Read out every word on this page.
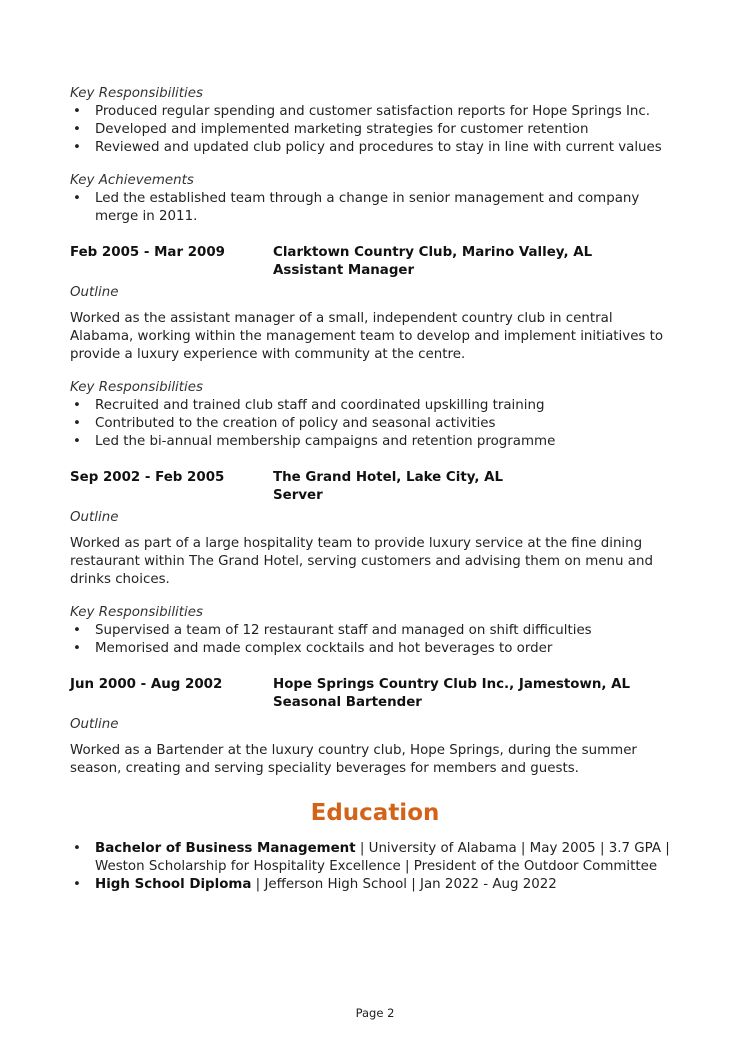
Key Responsibilities

• Produced regular spending and customer satisfaction reports for Hope Springs Inc.
• Developed and implemented marketing strategies for customer retention
• Reviewed and updated club policy and procedures to stay in line with current values

Key Achievements

• Led the established team through a change in senior management and company merge in 2011.
Feb 2005 - Mar 2009	Clarktown Country Club, Marino Valley, AL
Assistant Manager

Outline

Worked as the assistant manager of a small, independent country club in central Alabama, working within the management team to develop and implement initiatives to provide a luxury experience with community at the centre.

Key Responsibilities

• Recruited and trained club staff and coordinated upskilling training
• Contributed to the creation of policy and seasonal activities
• Led the bi-annual membership campaigns and retention programme
Sep 2002 - Feb 2005	The Grand Hotel, Lake City, AL
Server

Outline

Worked as part of a large hospitality team to provide luxury service at the fine dining restaurant within The Grand Hotel, serving customers and advising them on menu and drinks choices.

Key Responsibilities

• Supervised a team of 12 restaurant staff and managed on shift difficulties
• Memorised and made complex cocktails and hot beverages to order
Jun 2000 - Aug 2002	Hope Springs Country Club Inc., Jamestown, AL
Seasonal Bartender

Outline

Worked as a Bartender at the luxury country club, Hope Springs, during the summer season, creating and serving speciality beverages for members and guests.

Education
• Bachelor of Business Management | University of Alabama | May 2005 | 3.7 GPA | Weston Scholarship for Hospitality Excellence | President of the Outdoor Committee
• High School Diploma | Jefferson High School | Jan 2022 - Aug 2022
Page 2
